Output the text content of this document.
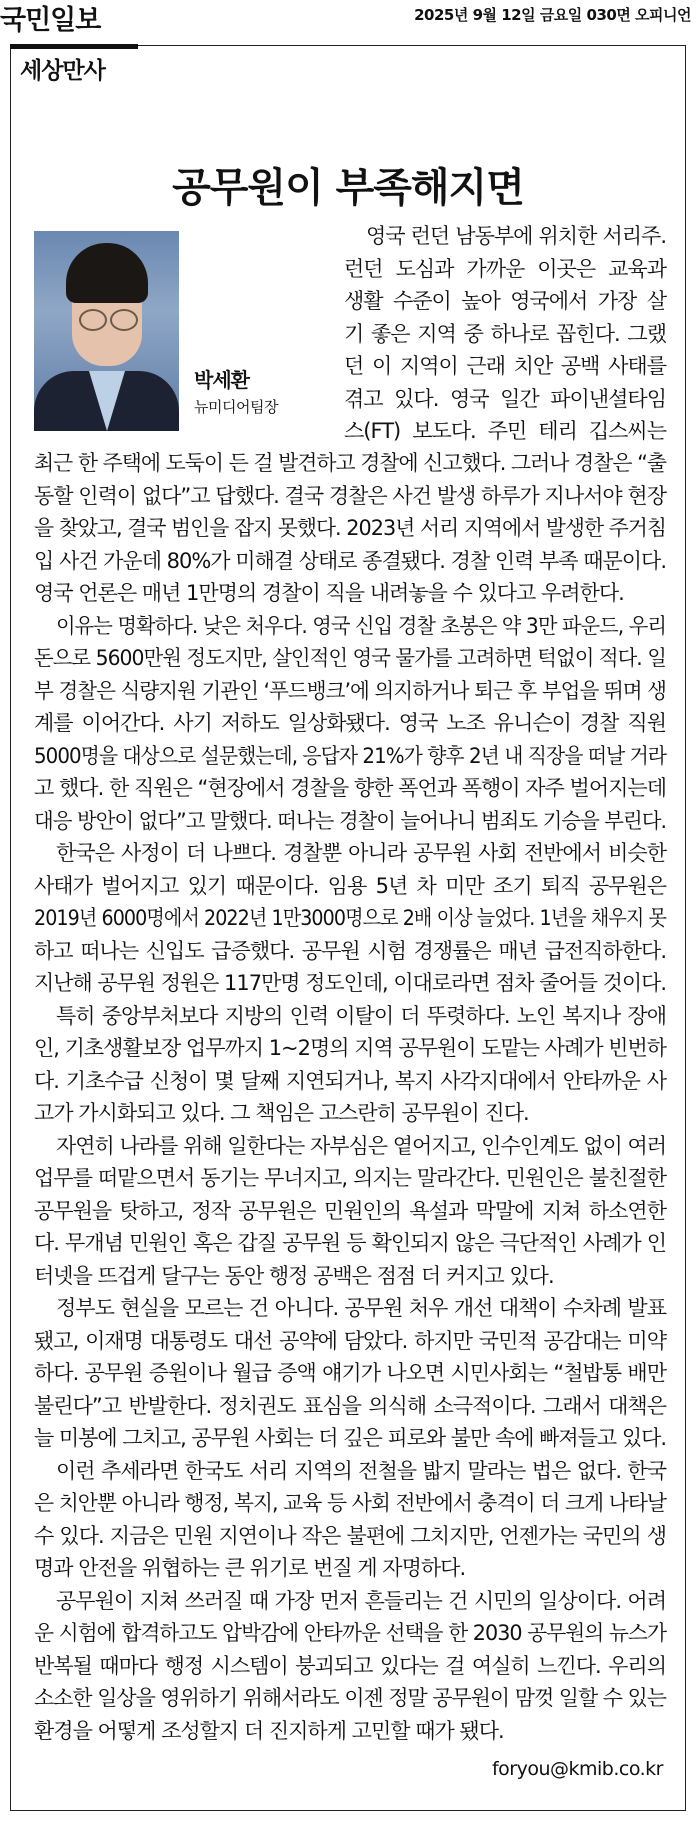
국민일보	2025년 9월 12일 금요일 030면 오피니언
세상만사
공무원이 부족해지면
박세환
뉴미디어팀장
영국 런던 남동부에 위치한 서리주.
런던 도심과 가까운 이곳은 교육과
생활 수준이 높아 영국에서 가장 살
기 좋은 지역 중 하나로 꼽힌다. 그랬
던 이 지역이 근래 치안 공백 사태를
겪고 있다. 영국 일간 파이낸셜타임
스(FT) 보도다. 주민 테리 깁스씨는
최근 한 주택에 도둑이 든 걸 발견하고 경찰에 신고했다. 그러나 경찰은 “출
동할 인력이 없다”고 답했다. 결국 경찰은 사건 발생 하루가 지나서야 현장
을 찾았고, 결국 범인을 잡지 못했다. 2023년 서리 지역에서 발생한 주거침
입 사건 가운데 80%가 미해결 상태로 종결됐다. 경찰 인력 부족 때문이다.
영국 언론은 매년 1만명의 경찰이 직을 내려놓을 수 있다고 우려한다.
이유는 명확하다. 낮은 처우다. 영국 신입 경찰 초봉은 약 3만 파운드, 우리
돈으로 5600만원 정도지만, 살인적인 영국 물가를 고려하면 턱없이 적다. 일
부 경찰은 식량지원 기관인 ‘푸드뱅크’에 의지하거나 퇴근 후 부업을 뛰며 생
계를 이어간다. 사기 저하도 일상화됐다. 영국 노조 유니슨이 경찰 직원
5000명을 대상으로 설문했는데, 응답자 21%가 향후 2년 내 직장을 떠날 거라
고 했다. 한 직원은 “현장에서 경찰을 향한 폭언과 폭행이 자주 벌어지는데
대응 방안이 없다”고 말했다. 떠나는 경찰이 늘어나니 범죄도 기승을 부린다.
한국은 사정이 더 나쁘다. 경찰뿐 아니라 공무원 사회 전반에서 비슷한
사태가 벌어지고 있기 때문이다. 임용 5년 차 미만 조기 퇴직 공무원은
2019년 6000명에서 2022년 1만3000명으로 2배 이상 늘었다. 1년을 채우지 못
하고 떠나는 신입도 급증했다. 공무원 시험 경쟁률은 매년 급전직하한다.
지난해 공무원 정원은 117만명 정도인데, 이대로라면 점차 줄어들 것이다.
특히 중앙부처보다 지방의 인력 이탈이 더 뚜렷하다. 노인 복지나 장애
인, 기초생활보장 업무까지 1~2명의 지역 공무원이 도맡는 사례가 빈번하
다. 기초수급 신청이 몇 달째 지연되거나, 복지 사각지대에서 안타까운 사
고가 가시화되고 있다. 그 책임은 고스란히 공무원이 진다.
자연히 나라를 위해 일한다는 자부심은 옅어지고, 인수인계도 없이 여러
업무를 떠맡으면서 동기는 무너지고, 의지는 말라간다. 민원인은 불친절한
공무원을 탓하고, 정작 공무원은 민원인의 욕설과 막말에 지쳐 하소연한
다. 무개념 민원인 혹은 갑질 공무원 등 확인되지 않은 극단적인 사례가 인
터넷을 뜨겁게 달구는 동안 행정 공백은 점점 더 커지고 있다.
정부도 현실을 모르는 건 아니다. 공무원 처우 개선 대책이 수차례 발표
됐고, 이재명 대통령도 대선 공약에 담았다. 하지만 국민적 공감대는 미약
하다. 공무원 증원이나 월급 증액 얘기가 나오면 시민사회는 “철밥통 배만
불린다”고 반발한다. 정치권도 표심을 의식해 소극적이다. 그래서 대책은
늘 미봉에 그치고, 공무원 사회는 더 깊은 피로와 불만 속에 빠져들고 있다.
이런 추세라면 한국도 서리 지역의 전철을 밟지 말라는 법은 없다. 한국
은 치안뿐 아니라 행정, 복지, 교육 등 사회 전반에서 충격이 더 크게 나타날
수 있다. 지금은 민원 지연이나 작은 불편에 그치지만, 언젠가는 국민의 생
명과 안전을 위협하는 큰 위기로 번질 게 자명하다.
공무원이 지쳐 쓰러질 때 가장 먼저 흔들리는 건 시민의 일상이다. 어려
운 시험에 합격하고도 압박감에 안타까운 선택을 한 2030 공무원의 뉴스가
반복될 때마다 행정 시스템이 붕괴되고 있다는 걸 여실히 느낀다. 우리의
소소한 일상을 영위하기 위해서라도 이젠 정말 공무원이 맘껏 일할 수 있는
환경을 어떻게 조성할지 더 진지하게 고민할 때가 됐다.
foryou@kmib.co.kr
